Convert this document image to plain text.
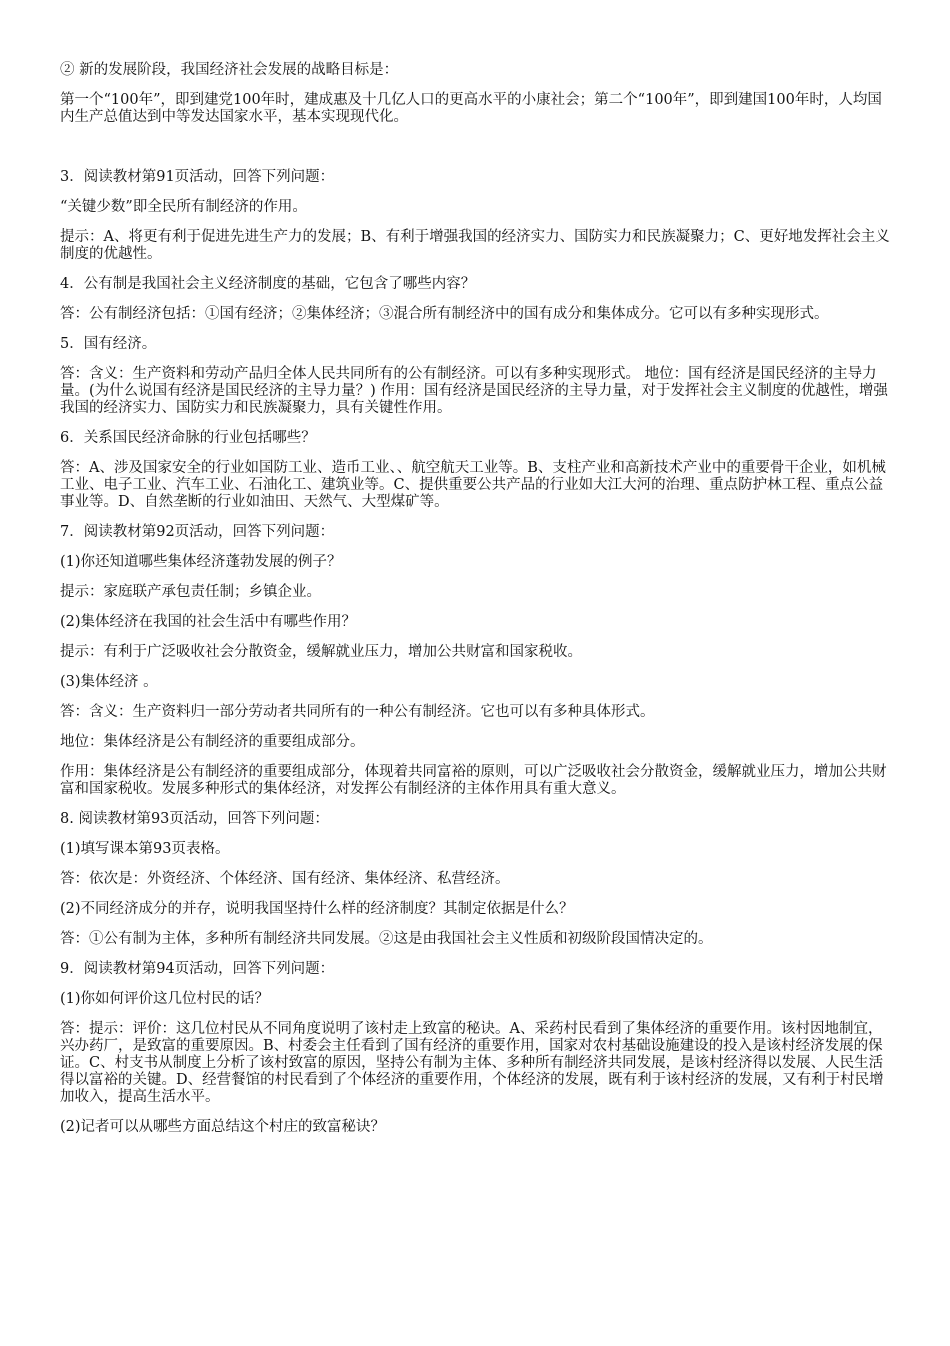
② 新的发展阶段，我国经济社会发展的战略目标是：

第一个“100年”，即到建党100年时，建成惠及十几亿人口的更高水平的小康社会；第二个“100年”，即到建国100年时，人均国内生产总值达到中等发达国家水平，基本实现现代化。

3．阅读教材第91页活动，回答下列问题：

“关键少数”即全民所有制经济的作用。

提示：A、将更有利于促进先进生产力的发展；B、有利于增强我国的经济实力、国防实力和民族凝聚力；C、更好地发挥社会主义制度的优越性。

4．公有制是我国社会主义经济制度的基础，它包含了哪些内容？

答：公有制经济包括：①国有经济；②集体经济；③混合所有制经济中的国有成分和集体成分。它可以有多种实现形式。

5．国有经济。

答：含义：生产资料和劳动产品归全体人民共同所有的公有制经济。可以有多种实现形式。 地位：国有经济是国民经济的主导力量。(为什么说国有经济是国民经济的主导力量？) 作用：国有经济是国民经济的主导力量，对于发挥社会主义制度的优越性，增强我国的经济实力、国防实力和民族凝聚力，具有关键性作用。

6．关系国民经济命脉的行业包括哪些？

答：A、涉及国家安全的行业如国防工业、造币工业、、航空航天工业等。B、支柱产业和高新技术产业中的重要骨干企业，如机械工业、电子工业、汽车工业、石油化工、建筑业等。C、提供重要公共产品的行业如大江大河的治理、重点防护林工程、重点公益事业等。D、自然垄断的行业如油田、天然气、大型煤矿等。

7．阅读教材第92页活动，回答下列问题：

(1)你还知道哪些集体经济蓬勃发展的例子？

提示：家庭联产承包责任制；乡镇企业。

(2)集体经济在我国的社会生活中有哪些作用？

提示：有利于广泛吸收社会分散资金，缓解就业压力，增加公共财富和国家税收。

(3)集体经济 。

答：含义：生产资料归一部分劳动者共同所有的一种公有制经济。它也可以有多种具体形式。

地位：集体经济是公有制经济的重要组成部分。

作用：集体经济是公有制经济的重要组成部分，体现着共同富裕的原则，可以广泛吸收社会分散资金，缓解就业压力，增加公共财富和国家税收。发展多种形式的集体经济，对发挥公有制经济的主体作用具有重大意义。

8. 阅读教材第93页活动，回答下列问题：

(1)填写课本第93页表格。

答：依次是：外资经济、个体经济、国有经济、集体经济、私营经济。

(2)不同经济成分的并存，说明我国坚持什么样的经济制度？其制定依据是什么？

答：①公有制为主体，多种所有制经济共同发展。②这是由我国社会主义性质和初级阶段国情决定的。

9．阅读教材第94页活动，回答下列问题：

(1)你如何评价这几位村民的话？

答：提示：评价：这几位村民从不同角度说明了该村走上致富的秘诀。A、采药村民看到了集体经济的重要作用。该村因地制宜，兴办药厂，是致富的重要原因。B、村委会主任看到了国有经济的重要作用，国家对农村基础设施建设的投入是该村经济发展的保证。C、村支书从制度上分析了该村致富的原因，坚持公有制为主体、多种所有制经济共同发展，是该村经济得以发展、人民生活得以富裕的关键。D、经营餐馆的村民看到了个体经济的重要作用，个体经济的发展，既有利于该村经济的发展，又有利于村民增加收入，提高生活水平。

(2)记者可以从哪些方面总结这个村庄的致富秘诀？
